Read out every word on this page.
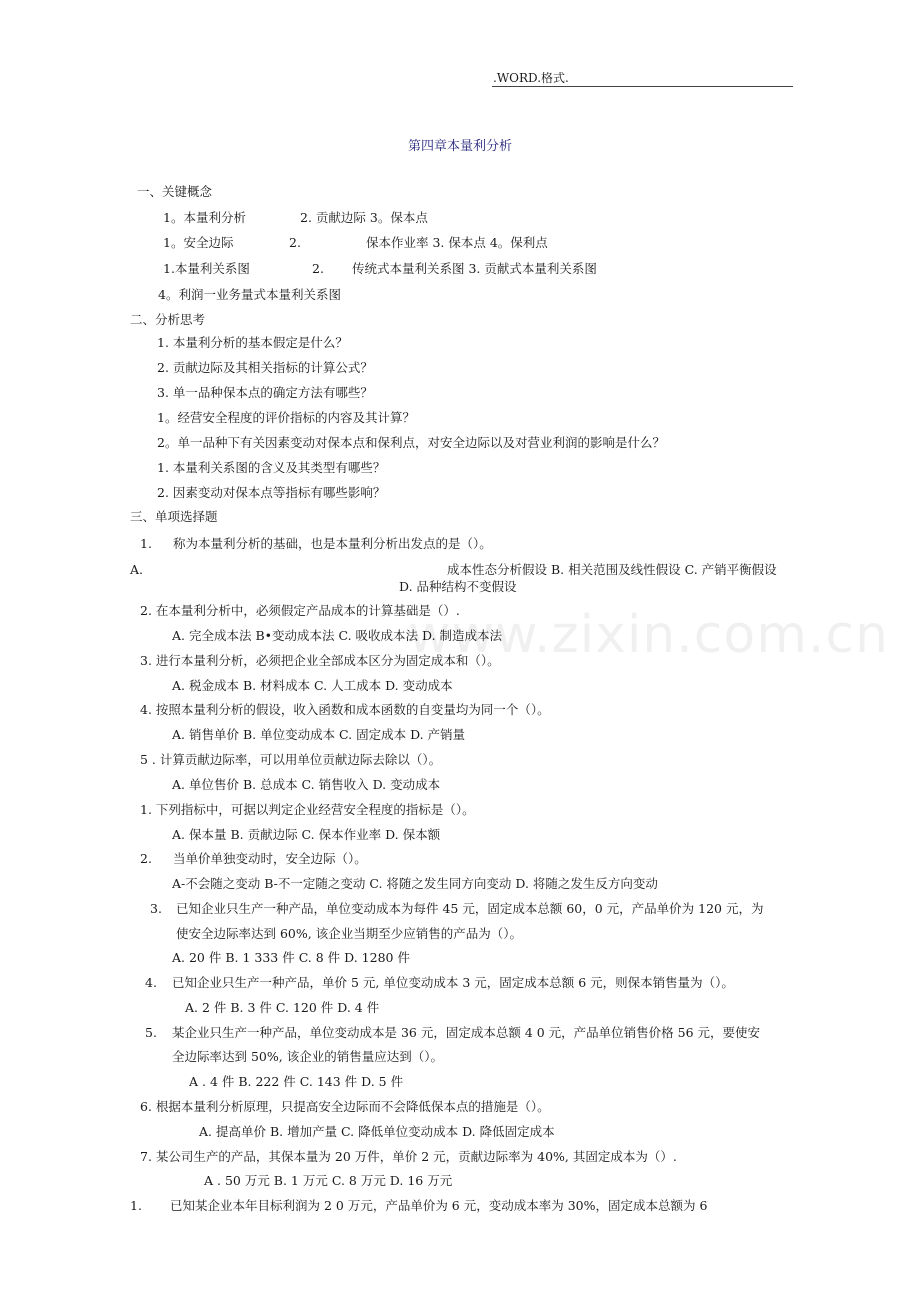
.WORD.格式.
www.zixin.com.cn
第四章本量利分析
一、关键概念
1。本量利分析	2. 贡献边际 3。保本点
1。安全边际	2.	保本作业率 3. 保本点 4。保利点
1.本量利关系图	2. 传统式本量利关系图 3. 贡献式本量利关系图
4。利润一业务量式本量利关系图
二、分析思考
1. 本量利分析的基本假定是什么？
2. 贡献边际及其相关指标的计算公式？
3. 单一品种保本点的确定方法有哪些？
1。经营安全程度的评价指标的内容及其计算？
2。单一品种下有关因素变动对保本点和保利点，对安全边际以及对营业利润的影响是什么？
1. 本量利关系图的含义及其类型有哪些？
2. 因素变动对保本点等指标有哪些影响？
三、单项选择题
1. 称为本量利分析的基础，也是本量利分析出发点的是（）。
A.	成本性态分析假设 B. 相关范围及线性假设 C. 产销平衡假设
D. 品种结构不变假设
2. 在本量利分析中，必须假定产品成本的计算基础是（）.
A. 完全成本法 B•变动成本法 C. 吸收成本法 D. 制造成本法
3. 进行本量利分析，必须把企业全部成本区分为固定成本和（）。
A. 税金成本 B. 材料成本 C. 人工成本 D. 变动成本
4. 按照本量利分析的假设，收入函数和成本函数的自变量均为同一个（）。
A. 销售单价 B. 单位变动成本 C. 固定成本 D. 产销量
5 . 计算贡献边际率，可以用单位贡献边际去除以（）。
A. 单位售价 B. 总成本 C. 销售收入 D. 变动成本
1. 下列指标中，可据以判定企业经营安全程度的指标是（）。
A. 保本量 B. 贡献边际 C. 保本作业率 D. 保本额
2. 当单价单独变动时，安全边际（）。
A-不会随之变动 B-不一定随之变动 C. 将随之发生同方向变动 D. 将随之发生反方向变动
3. 已知企业只生产一种产品，单位变动成本为每件 45 元，固定成本总额 60，0 元，产品单价为 120 元，为
使安全边际率达到 60%, 该企业当期至少应销售的产品为（）。
A. 20 件 B. 1 333 件 C. 8 件 D. 1280 件
4. 已知企业只生产一种产品，单价 5 元, 单位变动成本 3 元，固定成本总额 6 元，则保本销售量为（）。
A. 2 件 B. 3 件 C. 120 件 D. 4 件
5. 某企业只生产一种产品，单位变动成本是 36 元，固定成本总额 4 0 元，产品单位销售价格 56 元，要使安
全边际率达到 50%, 该企业的销售量应达到（）。
A . 4 件 B. 222 件 C. 143 件 D. 5 件
6. 根据本量利分析原理，只提高安全边际而不会降低保本点的措施是（）。
A. 提高单价 B. 增加产量 C. 降低单位变动成本 D. 降低固定成本
7. 某公司生产的产品，其保本量为 20 万件，单价 2 元，贡献边际率为 40%, 其固定成本为（）.
A . 50 万元 B. 1 万元 C. 8 万元 D. 16 万元
1. 已知某企业本年目标利润为 2 0 万元，产品单价为 6 元，变动成本率为 30%，固定成本总额为 6
